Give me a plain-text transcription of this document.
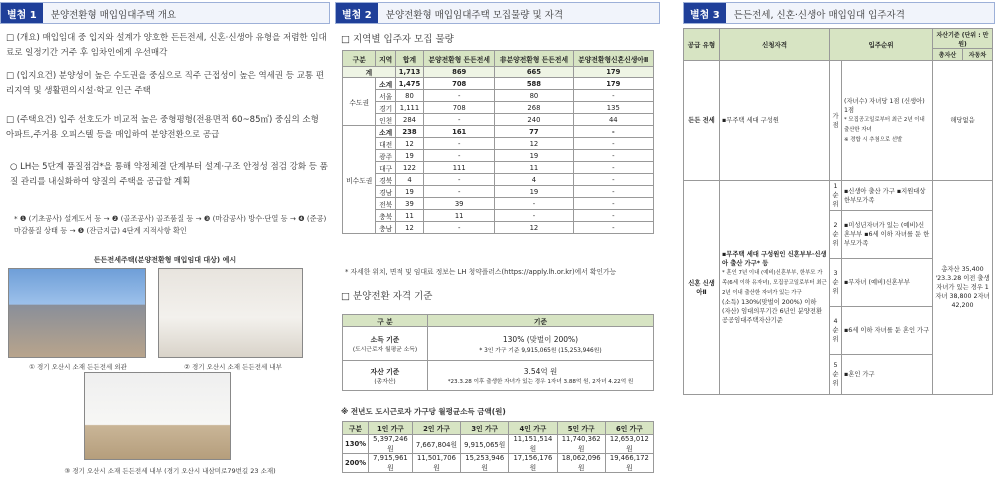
별첨 1	분양전환형 매입임대주택 개요
□ (개요) 매입임대 중 입지와 설계가 양호한 든든전세, 신혼·신생아 유형을 저렴한 임대료로 일정기간 거주 후 임차인에게 우선매각
□ (입지요건) 분양성이 높은 수도권을 중심으로 직주 근접성이 높은 역세권 등 교통 편리지역 및 생활편의시설·학교 인근 주택
□ (주택요건) 입주 선호도가 비교적 높은 중형평형(전용면적 60~85㎡) 중심의 소형 아파트,주거용 오피스텔 등을 매입하여 분양전환으로 공급
○ LH는 5단계 품질점검*을 통해 약정체결 단계부터 설계·구조 안정성 점검 강화 등 품질 관리를 내실화하여 양질의 주택을 공급할 계획
* ❶ (기초공사) 설계도서 등 → ❷ (골조공사) 골조품질 등 → ❸ (마감공사) 방수·단열 등 → ❹ (준공) 마감품질 상태 등 → ❺ (잔금지급) 4단계 지적사항 확인
든든전세주택(분양전환형 매입임대 대상) 예시
① 경기 오산시 소재 든든전세 외관	② 경기 오산시 소재 든든전세 내부
③ 경기 오산시 소재 든든전세 내부 (경기 오산시 내삼미로79번길 23 소재)
별첨 2	분양전환형 매입임대주택 모집물량 및 자격
□ 지역별 입주자 모집 물량
구분	지역	합계	분양전환형 든든전세	非분양전환형 든든전세	분양전환형신혼신생아Ⅱ
계		1,713	869	665	179
수도권	소계	1,475	708	588	179
	서울	80	-	80	-
	경기	1,111	708	268	135
	인천	284	-	240	44
비수도권	소계	238	161	77	-
	대전	12	-	12	-
	광주	19	-	19	-
	대구	122	111	11	-
	경북	4	-	4	-
	경남	19	-	19	-
	전북	39	39	-	-
	충북	11	11	-	-
	충남	12	-	12	-
* 자세한 위치, 면적 및 임대료 정보는 LH 청약플러스(https://apply.lh.or.kr)에서 확인가능
□ 분양전환 자격 기준
구 분	기준
소득 기준
(도시근로자 월평균 소득)	130% (맞벌이 200%)
* 3인 가구 기준 9,915,065원 (15,253,946원)
자산 기준
(총자산)	3.54억 원
*23.3.28 이후 출생한 자녀가 있는 경우 1자녀 3.88억 원, 2자녀 4.22억 원
※ 전년도 도시근로자 가구당 월평균소득 금액(원)
구분	1인 가구	2인 가구	3인 가구	4인 가구	5인 가구	6인 가구
130%	5,397,246원	7,667,804원	9,915,065원	11,151,514원	11,740,362원	12,653,012원
200%	7,915,961원	11,501,706원	15,253,946원	17,156,176원	18,062,096원	19,466,172원
별첨 3	든든전세, 신혼·신생아 매입임대 입주자격
공급 유형	신청자격	입주순위		자산기준 (단위 : 만원)	
				총자산	자동차
든든 전세	▪무주택 세대 구성원	가점	(자녀수) 자녀당 1점 (신생아) 1점
* 모집공고일로부터 최근 2년 이내 출산한 자녀
※ 경합 시 추첨으로 선발	해당없음	
신혼 신생아Ⅱ	▪무주택 세대 구성원인 신혼부부·신생아 출산 가구* 등
* 혼인 7년 이내 (예비)신혼부부, 한부모 가족(6세 이하 유자녀), 모집공고일로부터 최근 2년 이내 출산한 자녀가 있는 가구
(소득) 130%(맞벌이 200%) 이하
(자산) 임대의무기간 6년인 분양전환 공공임대주택자산기준	1순위	▪신생아 출산 가구 ▪지원대상 한부모가족	총자산 35,400 '23.3.28 이전 출생 자녀가 있는 경우 1자녀 38,800 2자녀 42,200	
		2순위	▪미성년자녀가 있는 (예비)신혼부부 ▪6세 이하 자녀를 둔 한부모가족		
		3순위	▪무자녀 (예비)신혼부부		
		4순위	▪6세 이하 자녀를 둔 혼인 가구		
		5순위	▪혼인 가구		
